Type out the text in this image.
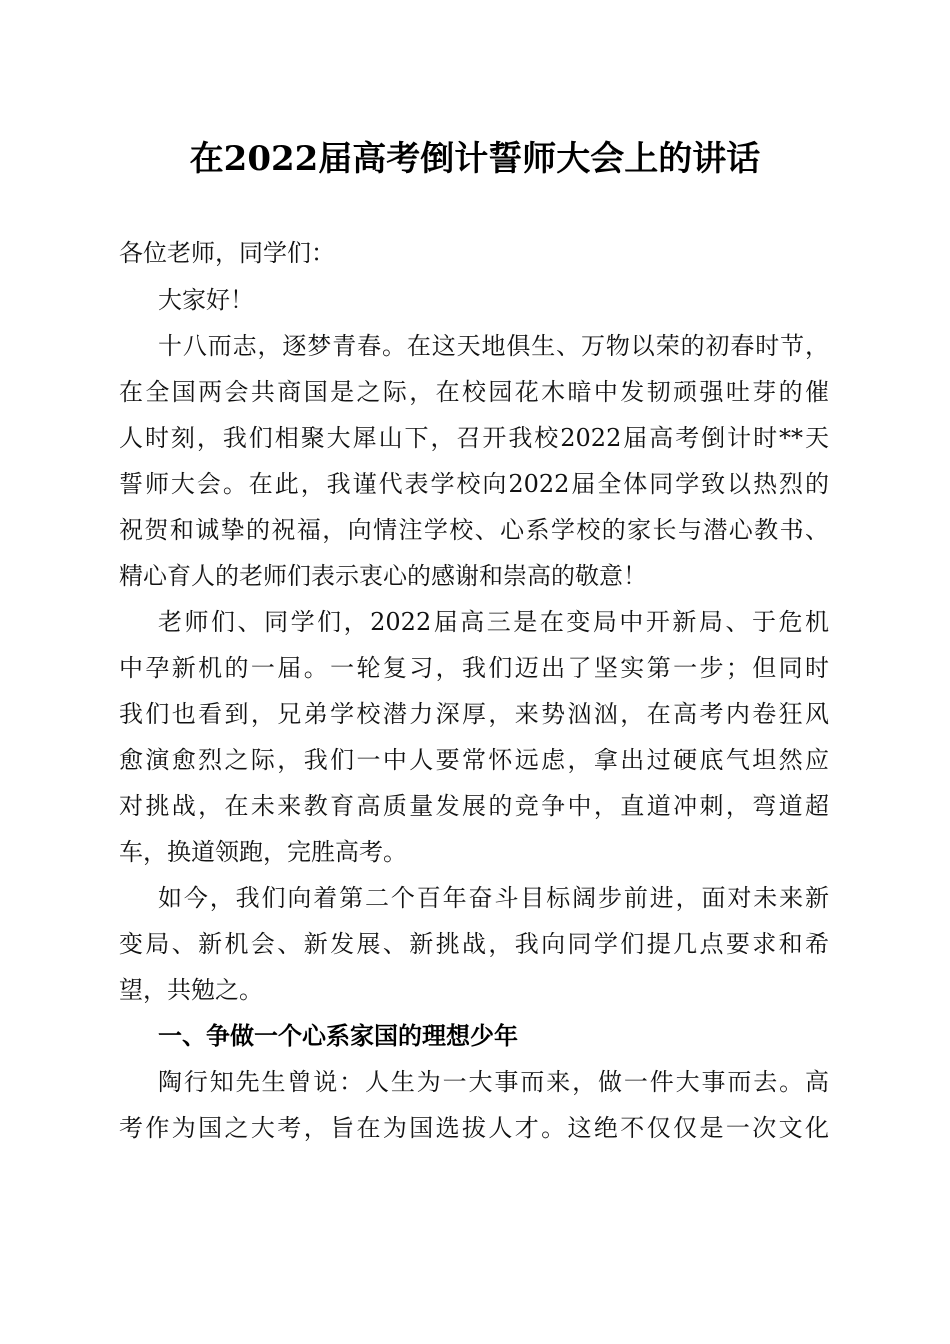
在2022届高考倒计誓师大会上的讲话
各位老师，同学们：
大家好！
十八而志，逐梦青春。在这天地俱生、万物以荣的初春时节，
在全国两会共商国是之际，在校园花木暗中发韧顽强吐芽的催
人时刻，我们相聚大犀山下，召开我校2022届高考倒计时**天
誓师大会。在此，我谨代表学校向2022届全体同学致以热烈的
祝贺和诚挚的祝福，向情注学校、心系学校的家长与潜心教书、
精心育人的老师们表示衷心的感谢和崇高的敬意！
老师们、同学们，2022届高三是在变局中开新局、于危机
中孕新机的一届。一轮复习，我们迈出了坚实第一步；但同时
我们也看到，兄弟学校潜力深厚，来势汹汹，在高考内卷狂风
愈演愈烈之际，我们一中人要常怀远虑，拿出过硬底气坦然应
对挑战，在未来教育高质量发展的竞争中，直道冲刺，弯道超
车，换道领跑，完胜高考。
如今，我们向着第二个百年奋斗目标阔步前进，面对未来新
变局、新机会、新发展、新挑战，我向同学们提几点要求和希
望，共勉之。
一、争做一个心系家国的理想少年
陶行知先生曾说：人生为一大事而来，做一件大事而去。高
考作为国之大考，旨在为国选拔人才。这绝不仅仅是一次文化
